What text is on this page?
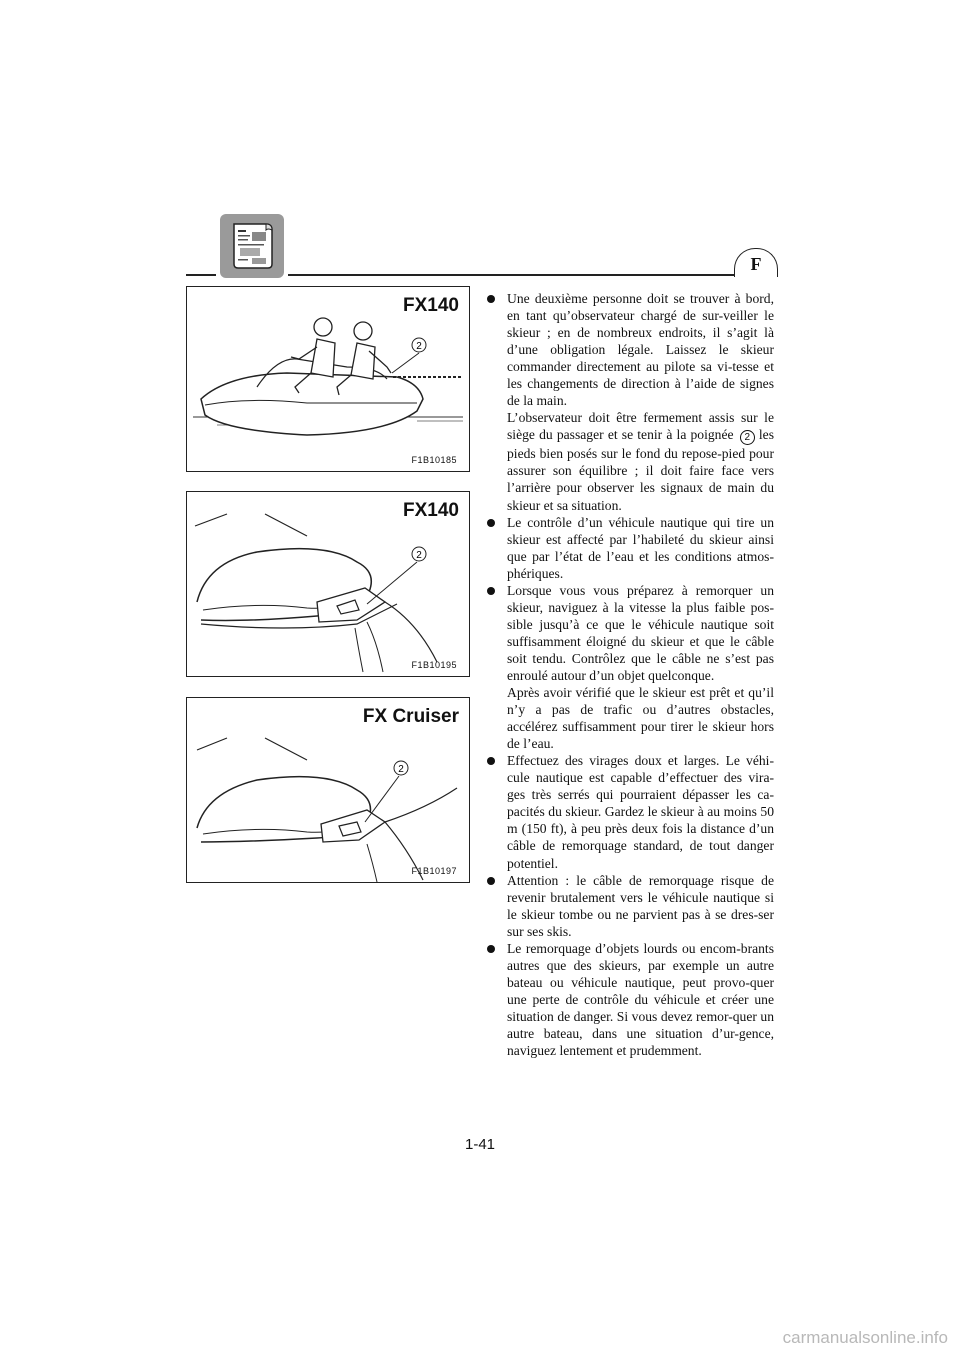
F
2
FX140
F1B10185
2
FX140
F1B10195
2
FX Cruiser
F1B10197
Une deuxième personne doit se trouver à bord, en tant qu’observateur chargé de sur-veiller le skieur ; en de nombreux endroits, il s’agit là d’une obligation légale. Laissez le skieur commander directement au pilote sa vi-tesse et les changements de direction à l’aide de signes de la main.
L’observateur doit être fermement assis sur le siège du passager et se tenir à la poignée 2 les pieds bien posés sur le fond du repose-pied pour assurer son équilibre ; il doit faire face vers l’arrière pour observer les signaux de main du skieur et sa situation.
Le contrôle d’un véhicule nautique qui tire un skieur est affecté par l’habileté du skieur ainsi que par l’état de l’eau et les conditions atmos-phériques.
Lorsque vous vous préparez à remorquer un skieur, naviguez à la vitesse la plus faible pos-sible jusqu’à ce que le véhicule nautique soit suffisamment éloigné du skieur et que le câble soit tendu. Contrôlez que le câble ne s’est pas enroulé autour d’un objet quelconque.
Après avoir vérifié que le skieur est prêt et qu’il n’y a pas de trafic ou d’autres obstacles, accélérez suffisamment pour tirer le skieur hors de l’eau.
Effectuez des virages doux et larges. Le véhi-cule nautique est capable d’effectuer des vira-ges très serrés qui pourraient dépasser les ca-pacités du skieur. Gardez le skieur à au moins 50 m (150 ft), à peu près deux fois la distance d’un câble de remorquage standard, de tout danger potentiel.
Attention : le câble de remorquage risque de revenir brutalement vers le véhicule nautique si le skieur tombe ou ne parvient pas à se dres-ser sur ses skis.
Le remorquage d’objets lourds ou encom-brants autres que des skieurs, par exemple un autre bateau ou véhicule nautique, peut provo-quer une perte de contrôle du véhicule et créer une situation de danger. Si vous devez remor-quer un autre bateau, dans une situation d’ur-gence, naviguez lentement et prudemment.
1-41
carmanualsonline.info
